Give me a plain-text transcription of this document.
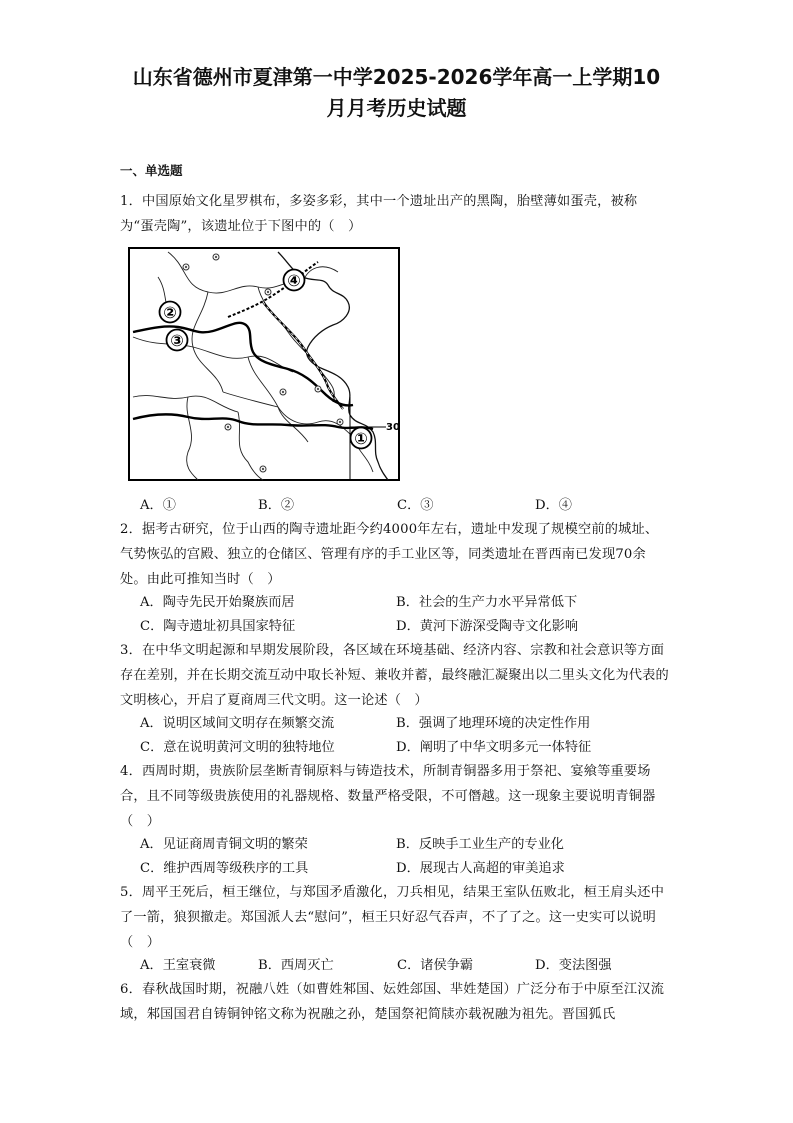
山东省德州市夏津第一中学2025-2026学年高一上学期10
月月考历史试题
一、单选题
1．中国原始文化星罗棋布，多姿多彩，其中一个遗址出产的黑陶，胎壁薄如蛋壳，被称为“蛋壳陶”，该遗址位于下图中的（　）
④
②
③
①
30
A．①	B．②	C．③	D．④
2．据考古研究，位于山西的陶寺遗址距今约4000年左右，遗址中发现了规模空前的城址、气势恢弘的宫殿、独立的仓储区、管理有序的手工业区等，同类遗址在晋西南已发现70余处。由此可推知当时（　）
A．陶寺先民开始聚族而居	B．社会的生产力水平异常低下
C．陶寺遗址初具国家特征	D．黄河下游深受陶寺文化影响
3．在中华文明起源和早期发展阶段，各区域在环境基础、经济内容、宗教和社会意识等方面存在差别，并在长期交流互动中取长补短、兼收并蓄，最终融汇凝聚出以二里头文化为代表的文明核心，开启了夏商周三代文明。这一论述（　）
A．说明区域间文明存在频繁交流	B．强调了地理环境的决定性作用
C．意在说明黄河文明的独特地位	D．阐明了中华文明多元一体特征
4．西周时期，贵族阶层垄断青铜原料与铸造技术，所制青铜器多用于祭祀、宴飨等重要场合，且不同等级贵族使用的礼器规格、数量严格受限，不可僭越。这一现象主要说明青铜器（　）
A．见证商周青铜文明的繁荣	B．反映手工业生产的专业化
C．维护西周等级秩序的工具	D．展现古人高超的审美追求
5．周平王死后，桓王继位，与郑国矛盾激化，刀兵相见，结果王室队伍败北，桓王肩头还中了一箭，狼狈撤走。郑国派人去“慰问”，桓王只好忍气吞声，不了了之。这一史实可以说明（　）
A．王室衰微	B．西周灭亡	C．诸侯争霸	D．变法图强
6．春秋战国时期，祝融八姓（如曹姓邾国、妘姓郐国、芈姓楚国）广泛分布于中原至江汉流域，邾国国君自铸铜钟铭文称为祝融之孙，楚国祭祀简牍亦载祝融为祖先。晋国狐氏
